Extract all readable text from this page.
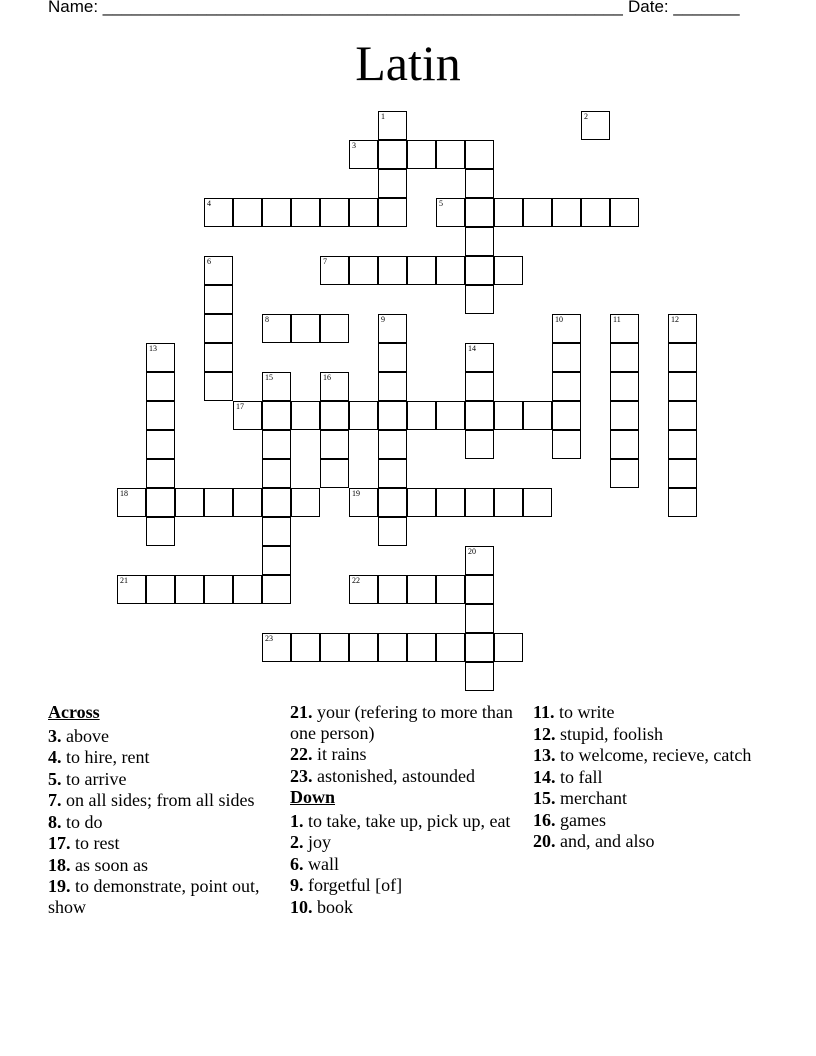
Name: _______________________________________________________ Date: _______
Latin
1	2
3
4	5
6	7
8	9	10	11	12
13	14
15	16
17
18	19
20
21	22
23
Across
3. above
4. to hire, rent
5. to arrive
7. on all sides; from all sides
8. to do
17. to rest
18. as soon as
19. to demonstrate, point out, show
21. your (refering to more than one person)
22. it rains
23. astonished, astounded
Down
1. to take, take up, pick up, eat
2. joy
6. wall
9. forgetful [of]
10. book
11. to write
12. stupid, foolish
13. to welcome, recieve, catch
14. to fall
15. merchant
16. games
20. and, and also
